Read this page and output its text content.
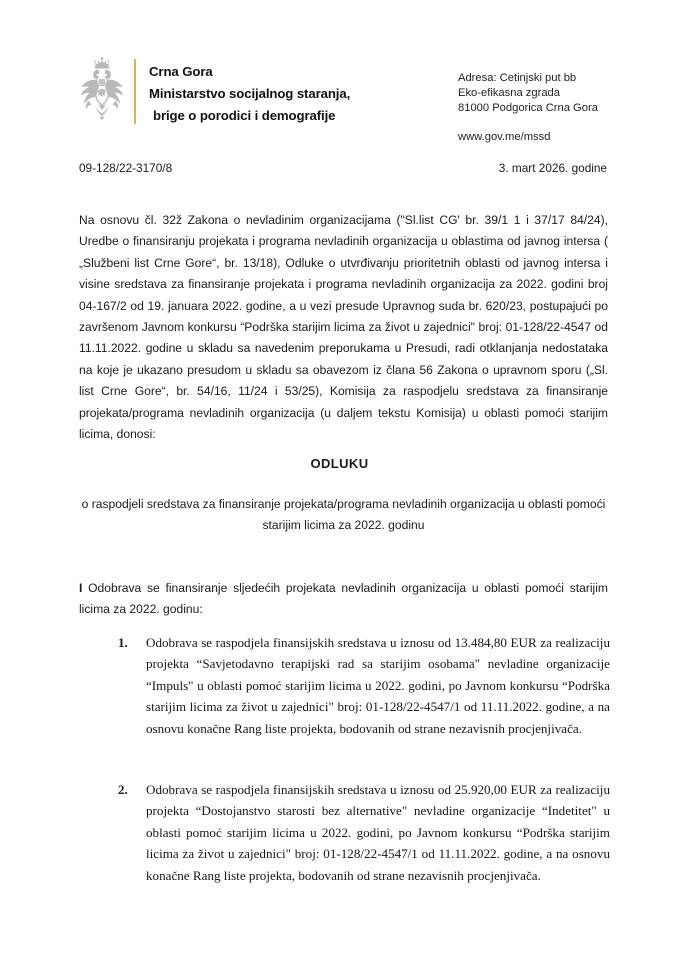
Crna Gora
Ministarstvo socijalnog staranja,
brige o porodici i demografije
Adresa: Cetinjski put bb
Eko-efikasna zgrada
81000 Podgorica Crna Gora
www.gov.me/mssd
09-128/22-3170/8	3. mart 2026. godine
Na osnovu čl. 32ž Zakona o nevladinim organizacijama ("Sl.list CG' br. 39/1 1 i 37/17 84/24), Uredbe o finansiranju projekata i programa nevladinih organizacija u oblastima od javnog intersa ( „Službeni list Crne Gore“, br. 13/18), Odluke o utvrđivanju prioritetnih oblasti od javnog intersa i visine sredstava za finansiranje projekata i programa nevladinih organizacija za 2022. godini broj 04-167/2 od 19. januara 2022. godine, a u vezi presude Upravnog suda br. 620/23, postupajući po završenom Javnom konkursu “Podrška starijim licima za život u zajednici" broj: 01-128/22-4547 od 11.11.2022. godine u skladu sa navedenim preporukama u Presudi, radi otklanjanja nedostataka na koje je ukazano presudom u skladu sa obavezom iz člana 56 Zakona o upravnom sporu („Sl. list Crne Gore“, br. 54/16, 11/24 i 53/25), Komisija za raspodjelu sredstava za finansiranje projekata/programa nevladinih organizacija (u daljem tekstu Komisija) u oblasti pomoći starijim licima, donosi:
ODLUKU
o raspodjeli sredstava za finansiranje projekata/programa nevladinih organizacija u oblasti pomoći starijim licima za 2022. godinu
I Odobrava se finansiranje sljedećih projekata nevladinih organizacija u oblasti pomoći starijim licima za 2022. godinu:
1.	Odobrava se raspodjela finansijskih sredstava u iznosu od 13.484,80 EUR za realizaciju projekta “Savjetodavno terapijski rad sa starijim osobama" nevladine organizacije “Impuls" u oblasti pomoć starijim licima u 2022. godini, po Javnom konkursu “Podrška starijim licima za život u zajednici" broj: 01-128/22-4547/1 od 11.11.2022. godine, a na osnovu konačne Rang liste projekta, bodovanih od strane nezavisnih procjenjivača.
2.	Odobrava se raspodjela finansijskih sredstava u iznosu od 25.920,00 EUR za realizaciju projekta “Dostojanstvo starosti bez alternative" nevladine organizacije “Indetitet" u oblasti pomoć starijim licima u 2022. godini, po Javnom konkursu “Podrška starijim licima za život u zajednici" broj: 01-128/22-4547/1 od 11.11.2022. godine, a na osnovu konačne Rang liste projekta, bodovanih od strane nezavisnih procjenjivača.
